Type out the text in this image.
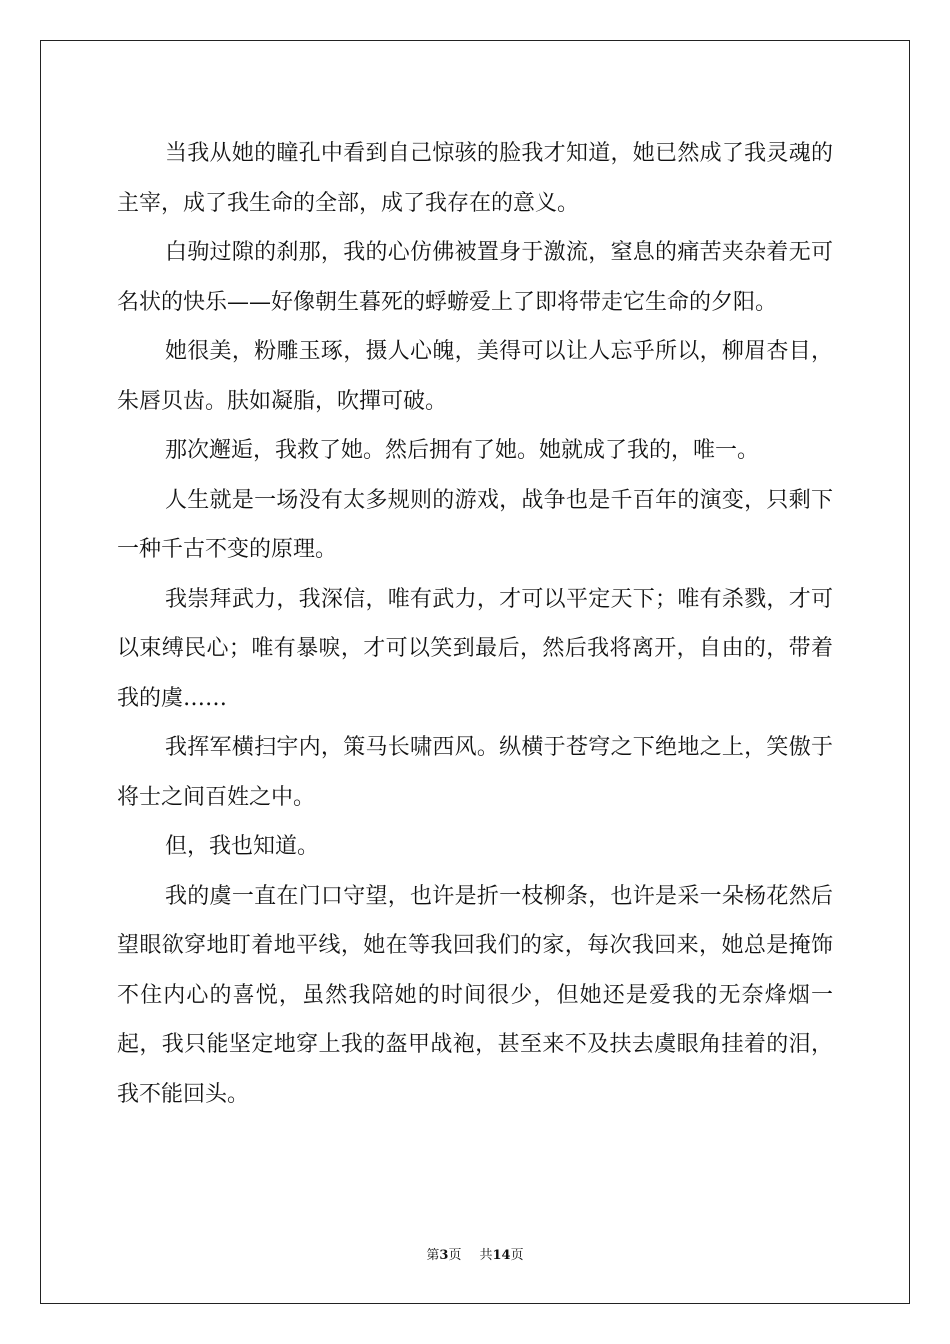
当我从她的瞳孔中看到自己惊骇的脸我才知道，她已然成了我灵魂的主宰，成了我生命的全部，成了我存在的意义。

白驹过隙的刹那，我的心仿佛被置身于激流，窒息的痛苦夹杂着无可名状的快乐——好像朝生暮死的蜉蝣爱上了即将带走它生命的夕阳。

她很美，粉雕玉琢，摄人心魄，美得可以让人忘乎所以，柳眉杏目，朱唇贝齿。肤如凝脂，吹撣可破。

那次邂逅，我救了她。然后拥有了她。她就成了我的，唯一。

人生就是一场没有太多规则的游戏，战争也是千百年的演变，只剩下一种千古不变的原理。

我崇拜武力，我深信，唯有武力，才可以平定天下；唯有杀戮，才可以束缚民心；唯有暴唳，才可以笑到最后，然后我将离开，自由的，带着我的虞……

我挥军横扫宇内，策马长啸西风。纵横于苍穹之下绝地之上，笑傲于将士之间百姓之中。

但，我也知道。

我的虞一直在门口守望，也许是折一枝柳条，也许是采一朵杨花然后望眼欲穿地盯着地平线，她在等我回我们的家，每次我回来，她总是掩饰不住内心的喜悦，虽然我陪她的时间很少，但她还是爱我的无奈烽烟一起，我只能坚定地穿上我的盔甲战袍，甚至来不及扶去虞眼角挂着的泪，我不能回头。

第3页 共14页
